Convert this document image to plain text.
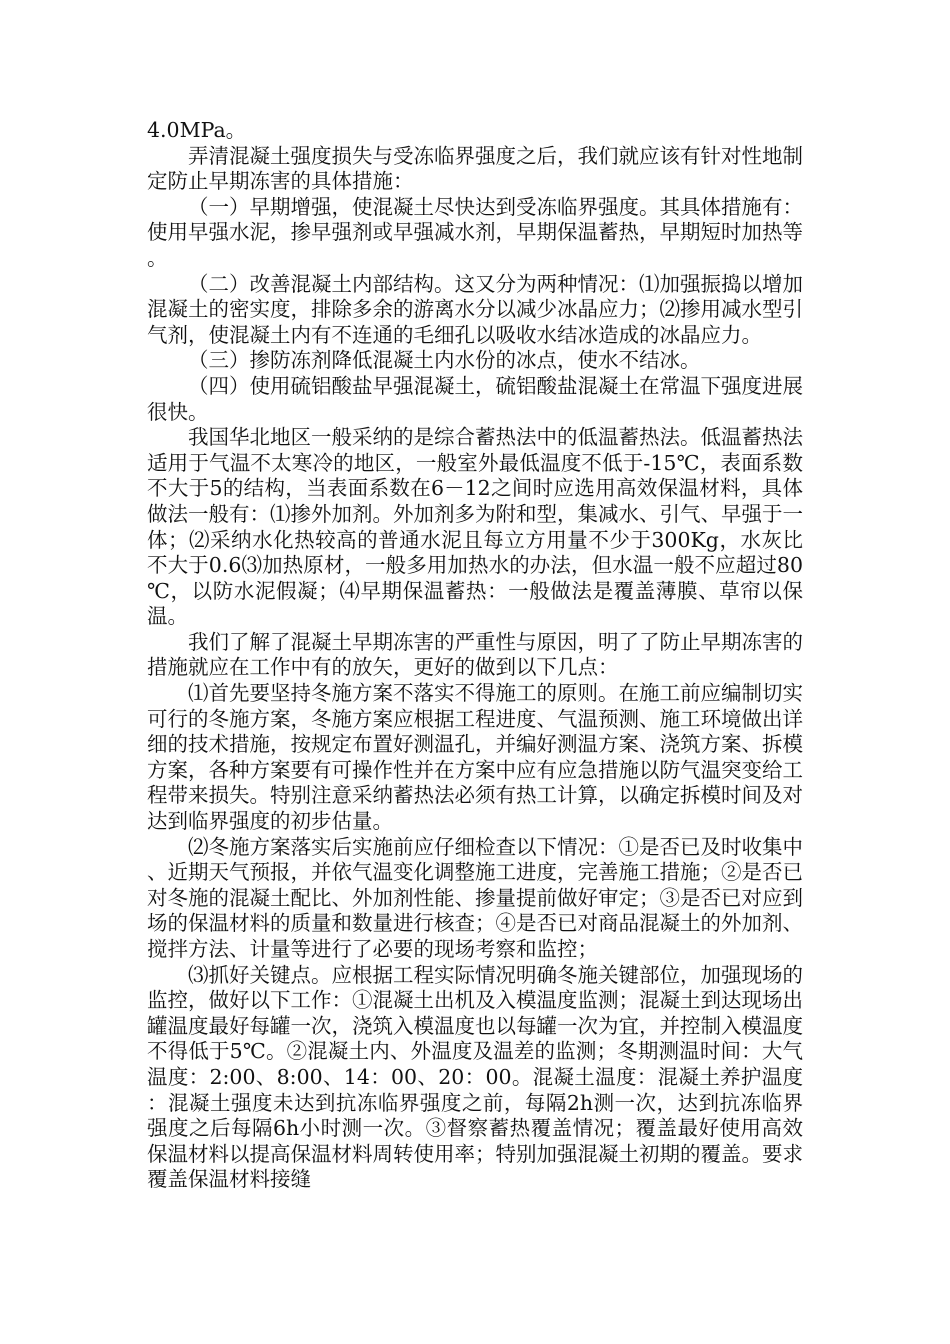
4.0MPa。

弄清混凝土强度损失与受冻临界强度之后，我们就应该有针对性地制定防止早期冻害的具体措施：

（一）早期增强，使混凝土尽快达到受冻临界强度。其具体措施有：使用早强水泥，掺早强剂或早强减水剂，早期保温蓄热，早期短时加热等。

（二）改善混凝土内部结构。这又分为两种情况：⑴加强振捣以增加混凝土的密实度，排除多余的游离水分以减少冰晶应力；⑵掺用减水型引气剂，使混凝土内有不连通的毛细孔以吸收水结冰造成的冰晶应力。

（三）掺防冻剂降低混凝土内水份的冰点，使水不结冰。

（四）使用硫铝酸盐早强混凝土，硫铝酸盐混凝土在常温下强度进展很快。

我国华北地区一般采纳的是综合蓄热法中的低温蓄热法。低温蓄热法适用于气温不太寒冷的地区，一般室外最低温度不低于-15℃，表面系数不大于5的结构，当表面系数在6－12之间时应选用高效保温材料，具体做法一般有：⑴掺外加剂。外加剂多为附和型，集减水、引气、早强于一体；⑵采纳水化热较高的普通水泥且每立方用量不少于300Kg，水灰比不大于0.6⑶加热原材，一般多用加热水的办法，但水温一般不应超过80℃，以防水泥假凝；⑷早期保温蓄热：一般做法是覆盖薄膜、草帘以保温。

我们了解了混凝土早期冻害的严重性与原因，明了了防止早期冻害的措施就应在工作中有的放矢，更好的做到以下几点：

⑴首先要坚持冬施方案不落实不得施工的原则。在施工前应编制切实可行的冬施方案，冬施方案应根据工程进度、气温预测、施工环境做出详细的技术措施，按规定布置好测温孔，并编好测温方案、浇筑方案、拆模方案，各种方案要有可操作性并在方案中应有应急措施以防气温突变给工程带来损失。特别注意采纳蓄热法必须有热工计算，以确定拆模时间及对达到临界强度的初步估量。

⑵冬施方案落实后实施前应仔细检查以下情况：①是否已及时收集中、近期天气预报，并依气温变化调整施工进度，完善施工措施；②是否已对冬施的混凝土配比、外加剂性能、掺量提前做好审定；③是否已对应到场的保温材料的质量和数量进行核查；④是否已对商品混凝土的外加剂、搅拌方法、计量等进行了必要的现场考察和监控；

⑶抓好关键点。应根据工程实际情况明确冬施关键部位，加强现场的监控，做好以下工作：①混凝土出机及入模温度监测；混凝土到达现场出罐温度最好每罐一次，浇筑入模温度也以每罐一次为宜，并控制入模温度不得低于5℃。②混凝土内、外温度及温差的监测；冬期测温时间：大气温度：2:00、8:00、14：00、20：00。混凝土温度：混凝土养护温度：混凝土强度未达到抗冻临界强度之前，每隔2h测一次，达到抗冻临界强度之后每隔6h小时测一次。③督察蓄热覆盖情况；覆盖最好使用高效保温材料以提高保温材料周转使用率；特别加强混凝土初期的覆盖。要求覆盖保温材料接缝
